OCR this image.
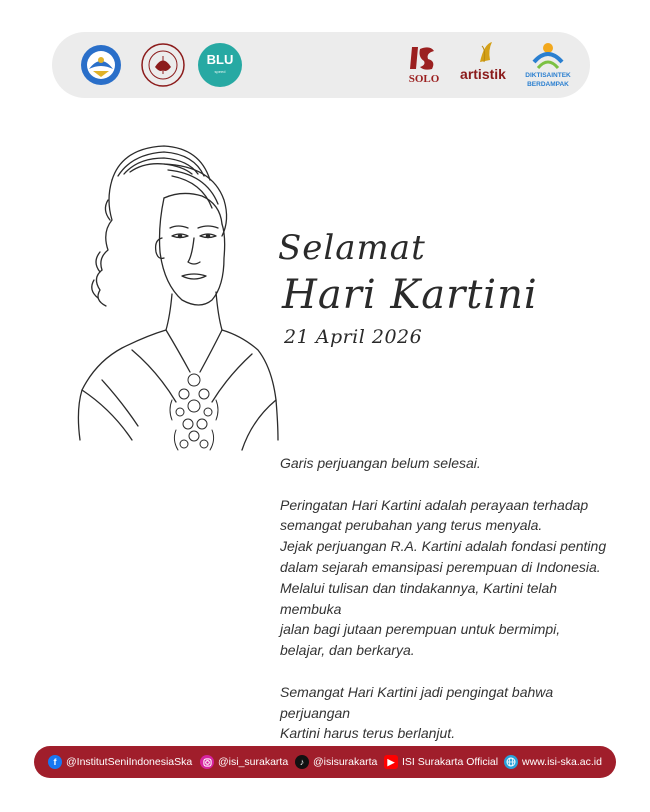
BLU
speed
SOLO	artistik	DIKTISAINTEK
BERDAMPAK
Selamat
Hari Kartini
21 April 2026

Garis perjuangan belum selesai.

Peringatan Hari Kartini adalah perayaan terhadap

semangat perubahan yang terus menyala.

Jejak perjuangan R.A. Kartini adalah fondasi penting

dalam sejarah emansipasi perempuan di Indonesia.

Melalui tulisan dan tindakannya, Kartini telah membuka

jalan bagi jutaan perempuan untuk bermimpi,

belajar, dan berkarya.

Semangat Hari Kartini jadi pengingat bahwa perjuangan

Kartini harus terus berlanjut.

f @InstitutSeniIndonesiaSka @isi_surakarta	♪ @isisurakarta	▶ ISI Surakarta Official www.isi-ska.ac.id
